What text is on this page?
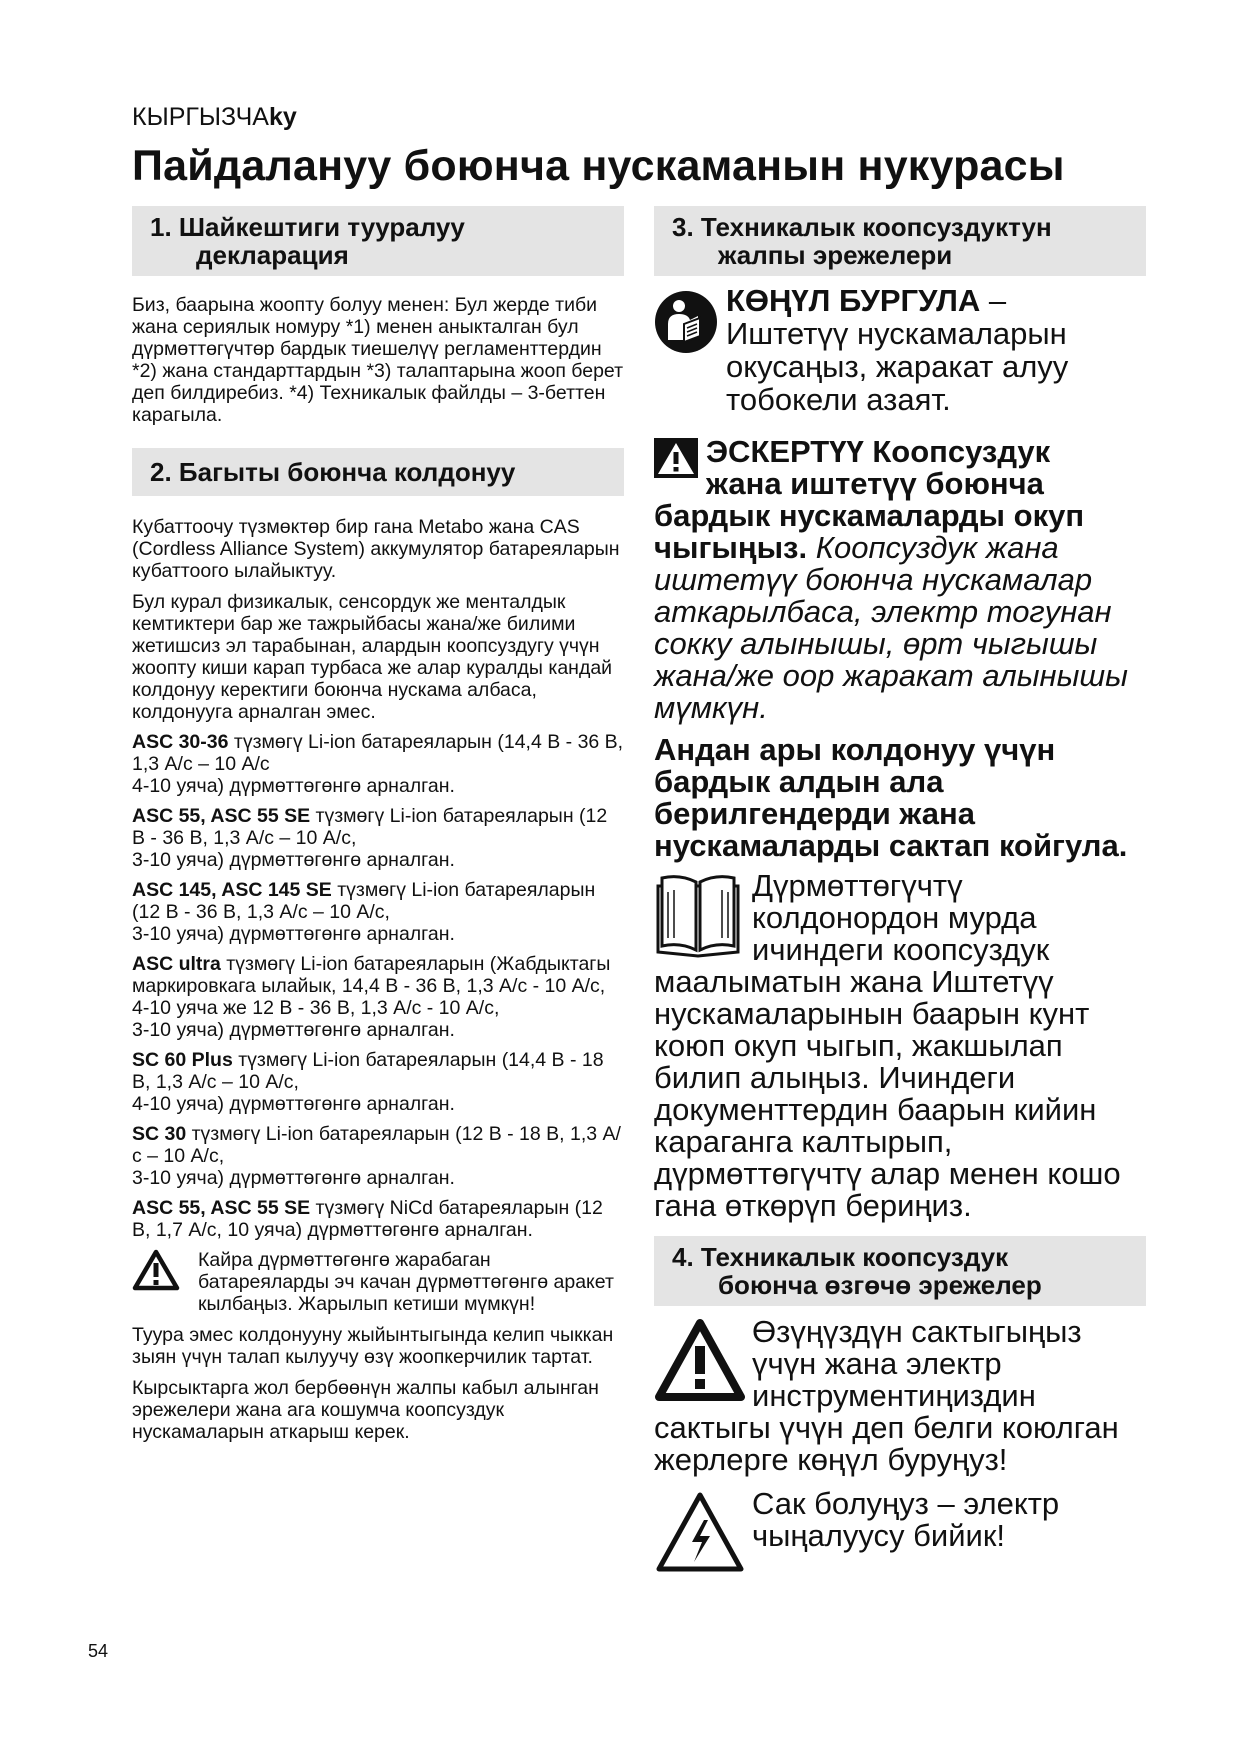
КЫРГЫЗЧАky
Пайдалануу боюнча нускаманын нукурасы
1. Шайкештиги тууралуу
декларация

Биз, баарына жоопту болуу менен: Бул жерде тиби жана сериялык номуру *1) менен аныкталган бул дүрмөттөгүчтөр бардык тиешелүү регламенттердин *2) жана стандарттардын *3) талаптарына жооп берет деп билдиребиз. *4) Техникалык файлды – 3-беттен карагыла.

2. Багыты боюнча колдонуу

Кубаттоочу түзмөктөр бир гана Metabo жана CAS (Cordless Alliance System) аккумулятор батареяларын кубаттоого ылайыктуу.

Бул курал физикалык, сенсордук же менталдык кемтиктери бар же тажрыйбасы жана/же билими жетишсиз эл тарабынан, алардын коопсуздугу үчүн жоопту киши карап турбаса же алар куралды кандай колдонуу керектиги боюнча нускама албаса, колдонууга арналган эмес.

ASC 30-36 түзмөгү Li-ion батареяларын (14,4 В - 36 В, 1,3 А/с – 10 А/с
4-10 уяча) дүрмөттөгөнгө арналган.

ASC 55, ASC 55 SE түзмөгү Li-ion батареяларын (12 В - 36 В, 1,3 А/с – 10 А/с,
3-10 уяча) дүрмөттөгөнгө арналган.

ASC 145, ASC 145 SE түзмөгү Li-ion батареяларын (12 В - 36 В, 1,3 А/с – 10 А/с,
3-10 уяча) дүрмөттөгөнгө арналган.

ASC ultra түзмөгү Li-ion батареяларын (Жабдыктагы маркировкага ылайык, 14,4 В - 36 В, 1,3 А/с - 10 А/с,
4-10 уяча же 12 В - 36 В, 1,3 А/с - 10 А/с,
3-10 уяча) дүрмөттөгөнгө арналган.

SC 60 Plus түзмөгү Li-ion батареяларын (14,4 В - 18 В, 1,3 А/с – 10 А/с,
4-10 уяча) дүрмөттөгөнгө арналган.

SC 30 түзмөгү Li-ion батареяларын (12 В - 18 В, 1,3 А/с – 10 А/с,
3-10 уяча) дүрмөттөгөнгө арналган.

ASC 55, ASC 55 SE түзмөгү NiCd батареяларын (12 В, 1,7 А/с, 10 уяча) дүрмөттөгөнгө арналган.

Кайра дүрмөттөгөнгө жарабаган батареяларды эч качан дүрмөттөгөнгө аракет кылбаңыз. Жарылып кетиши мүмкүн!

Туура эмес колдонууну жыйынтыгында келип чыккан зыян үчүн талап кылуучу өзү жоопкерчилик тартат.

Кырсыктарга жол бербөөнүн жалпы кабыл алынган эрежелери жана ага кошумча коопсуздук нускамаларын аткарыш керек.

3. Техникалык коопсуздуктун
жалпы эрежелери

КӨҢҮЛ БУРГУЛА –
Иштетүү нускамаларын окусаңыз, жаракат алуу тобокели азаят.

ЭСКЕРТҮҮ Коопсуздук
жана иштетүү боюнча

бардык нускамаларды окуп чыгыңыз. Коопсуздук жана иштетүү боюнча нускамалар аткарылбаса, электр тогунан сокку алынышы, өрт чыгышы жана/же оор жаракат алынышы мүмкүн.

Андан ары колдонуу үчүн бардык алдын ала берилгендерди жана нускамаларды сактап койгула.

Дүрмөттөгүчтү колдонордон мурда ичиндеги коопсуздук маалыматын жана Иштетүү нускамаларынын баарын кунт коюп окуп чыгып, жакшылап билип алыңыз. Ичиндеги документтердин баарын кийин караганга калтырып, дүрмөттөгүчтү алар менен кошо гана өткөрүп бериңиз.

4. Техникалык коопсуздук
боюнча өзгөчө эрежелер

Өзүңүздүн сактыгыңыз үчүн жана электр инструментиңиздин сактыгы үчүн деп белги коюлган жерлерге көңүл буруңуз!

Сак болуңуз – электр чыңалуусу бийик!

54
